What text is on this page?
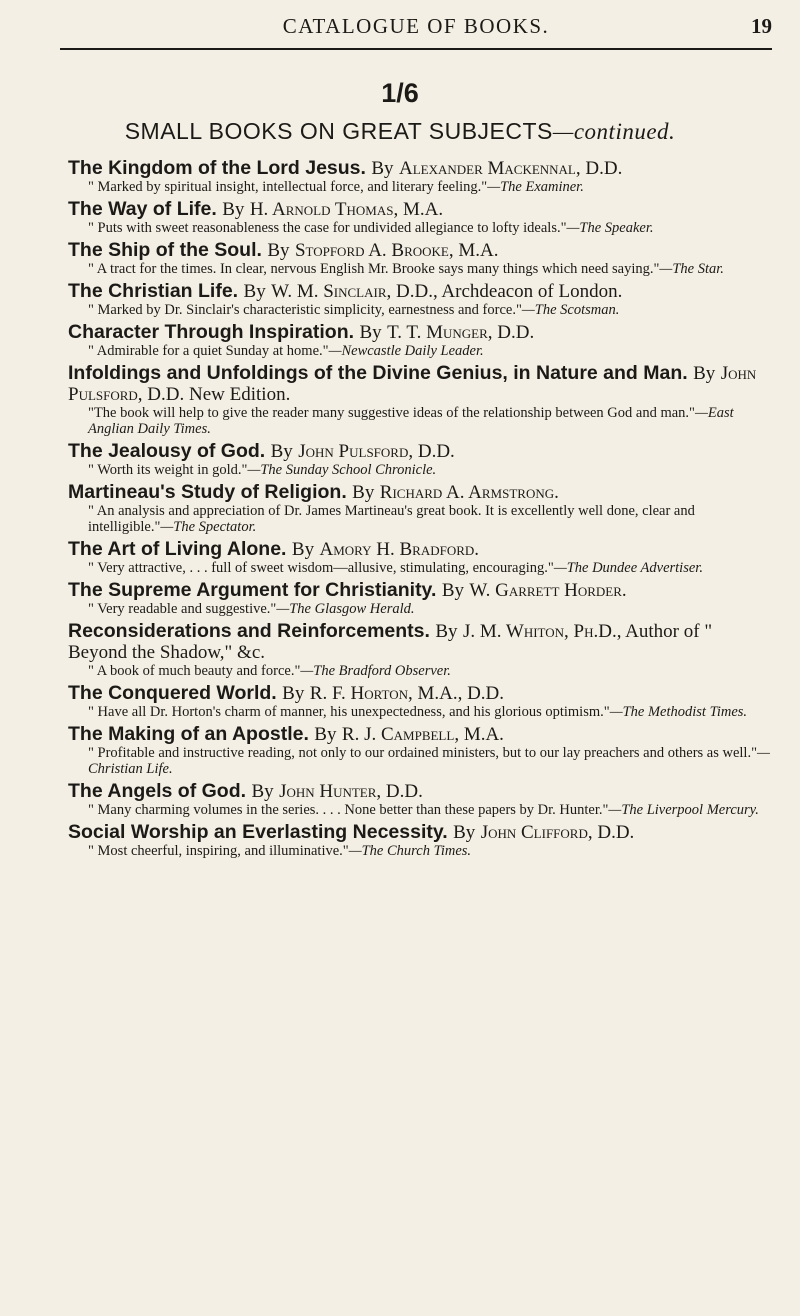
CATALOGUE OF BOOKS.	19
1/6
SMALL BOOKS ON GREAT SUBJECTS—continued.
The Kingdom of the Lord Jesus. By Alexander Mackennal, D.D.
" Marked by spiritual insight, intellectual force, and literary feeling."—The Examiner.
The Way of Life. By H. Arnold Thomas, M.A.
" Puts with sweet reasonableness the case for undivided allegiance to lofty ideals."—The Speaker.
The Ship of the Soul. By Stopford A. Brooke, M.A.
" A tract for the times. In clear, nervous English Mr. Brooke says many things which need saying."—The Star.
The Christian Life. By W. M. Sinclair, D.D., Archdeacon of London.
" Marked by Dr. Sinclair's characteristic simplicity, earnestness and force."—The Scotsman.
Character Through Inspiration. By T. T. Munger, D.D.
" Admirable for a quiet Sunday at home."—Newcastle Daily Leader.
Infoldings and Unfoldings of the Divine Genius, in Nature and Man. By John Pulsford, D.D. New Edition.
"The book will help to give the reader many suggestive ideas of the relationship between God and man."—East Anglian Daily Times.
The Jealousy of God. By John Pulsford, D.D.
" Worth its weight in gold."—The Sunday School Chronicle.
Martineau's Study of Religion. By Richard A. Armstrong.
" An analysis and appreciation of Dr. James Martineau's great book. It is excellently well done, clear and intelligible."—The Spectator.
The Art of Living Alone. By Amory H. Bradford.
" Very attractive, . . . full of sweet wisdom—allusive, stimulating, encouraging."—The Dundee Advertiser.
The Supreme Argument for Christianity. By W. Garrett Horder.
" Very readable and suggestive."—The Glasgow Herald.
Reconsiderations and Reinforcements. By J. M. Whiton, Ph.D., Author of " Beyond the Shadow," &c.
" A book of much beauty and force."—The Bradford Observer.
The Conquered World. By R. F. Horton, M.A., D.D.
" Have all Dr. Horton's charm of manner, his unexpectedness, and his glorious optimism."—The Methodist Times.
The Making of an Apostle. By R. J. Campbell, M.A.
" Profitable and instructive reading, not only to our ordained ministers, but to our lay preachers and others as well."—Christian Life.
The Angels of God. By John Hunter, D.D.
" Many charming volumes in the series. . . . None better than these papers by Dr. Hunter."—The Liverpool Mercury.
Social Worship an Everlasting Necessity. By John Clifford, D.D.
" Most cheerful, inspiring, and illuminative."—The Church Times.
